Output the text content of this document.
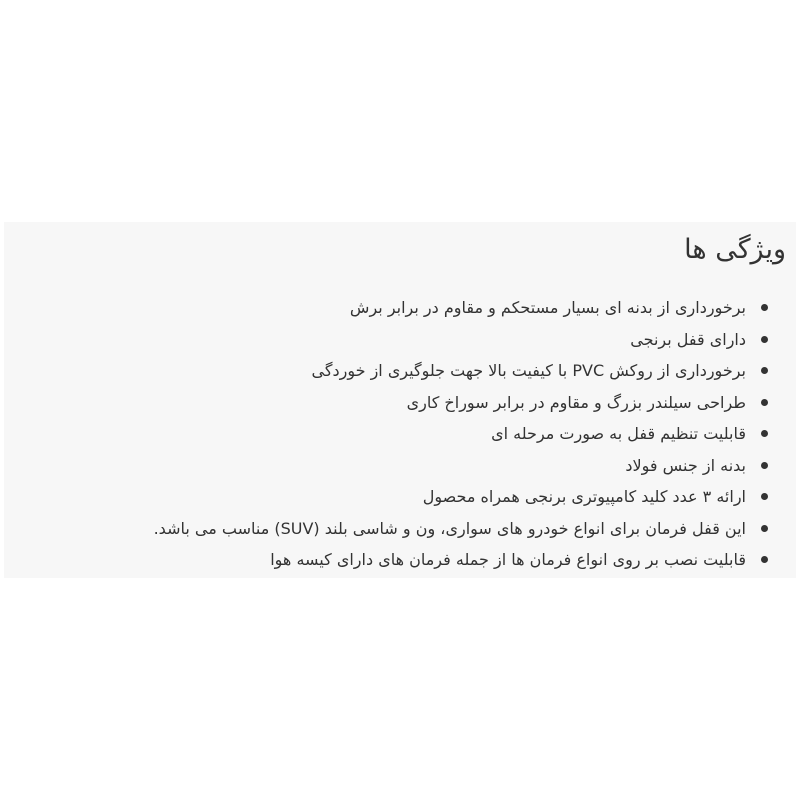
ویژگی ها
برخورداری از بدنه ای بسیار مستحکم و مقاوم در برابر برش
دارای قفل برنجی
برخورداری از روکش PVC با کیفیت بالا جهت جلوگیری از خوردگی
طراحی سیلندر بزرگ و مقاوم در برابر سوراخ کاری
قابلیت تنظیم قفل به صورت مرحله ای
بدنه از جنس فولاد
ارائه ۳ عدد کلید کامپیوتری برنجی همراه محصول
این قفل فرمان برای انواع خودرو های سواری، ون و شاسی بلند (SUV) مناسب می باشد.
قابلیت نصب بر روی انواع فرمان ها از جمله فرمان های دارای کیسه هوا
